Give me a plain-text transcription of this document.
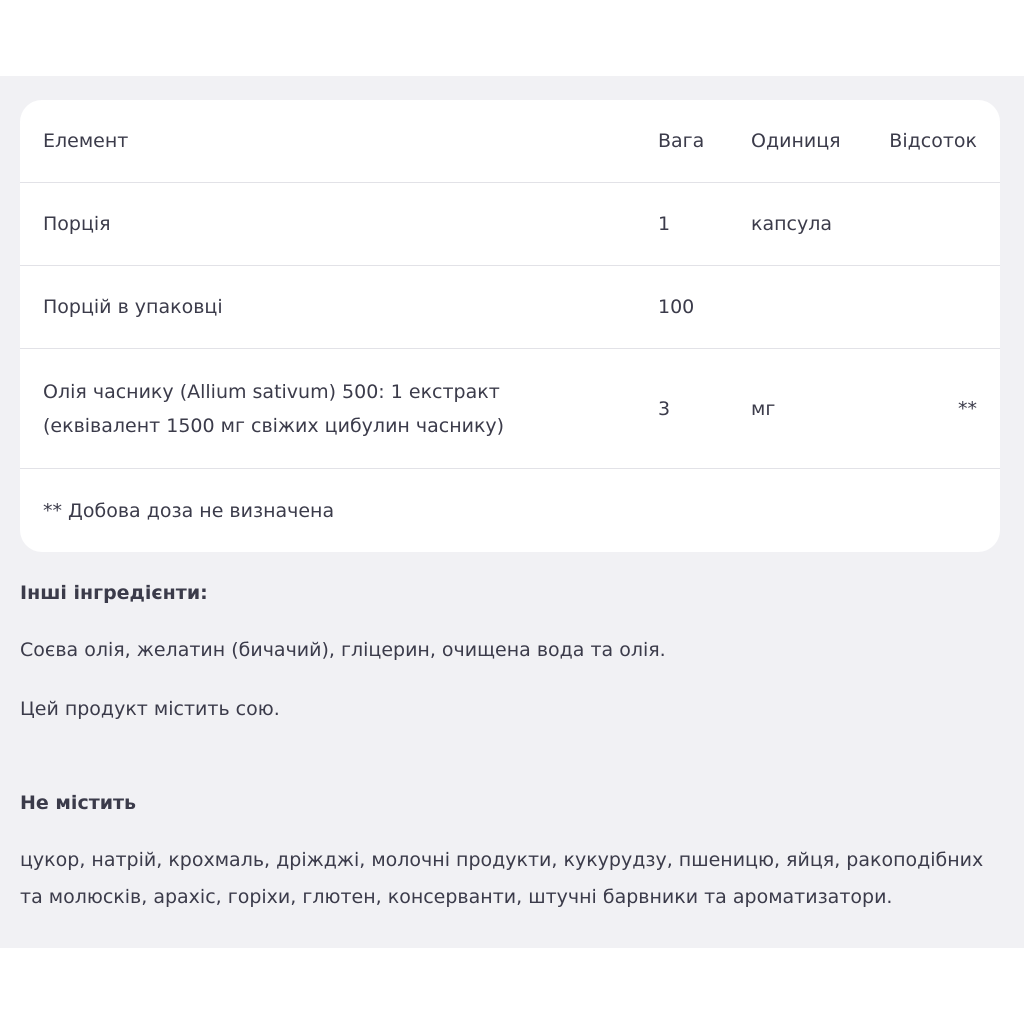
Елемент	Вага	Одиниця	Відсоток
Порція	1	капсула
Порцій в упаковці	100
Олія часнику (Allium sativum) 500: 1 екстракт
(еквівалент 1500 мг свіжих цибулин часнику)
3	мг	**
** Добова доза не визначена
Інші інгредієнти:
Соєва олія, желатин (бичачий), гліцерин, очищена вода та олія.
Цей продукт містить сою.
Не містить
цукор, натрій, крохмаль, дріжджі, молочні продукти, кукурудзу, пшеницю, яйця, ракоподібних
та молюсків, арахіс, горіхи, глютен, консерванти, штучні барвники та ароматизатори.
